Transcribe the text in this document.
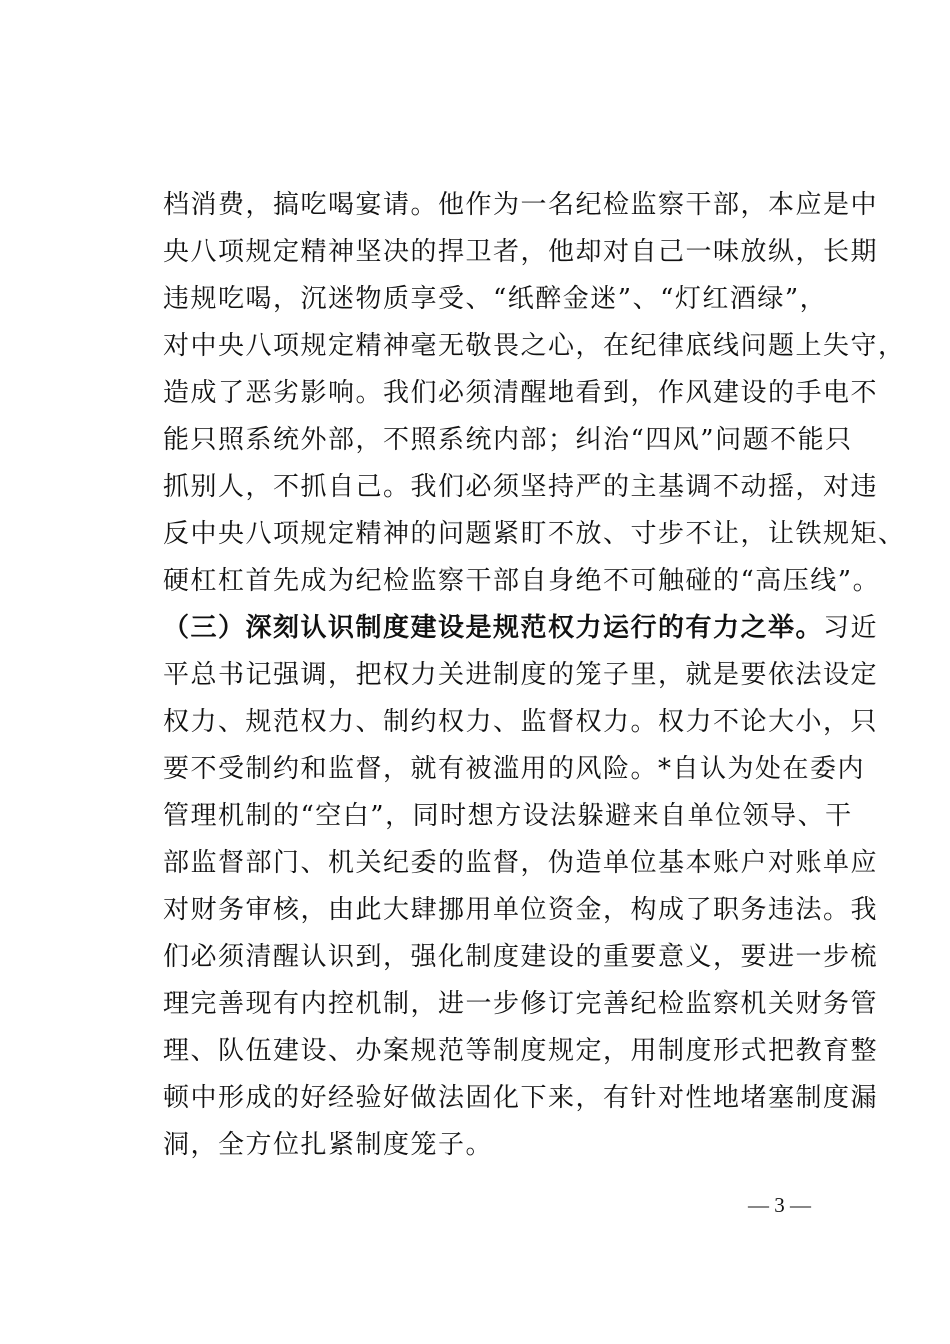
档消费，搞吃喝宴请。他作为一名纪检监察干部，本应是中
央八项规定精神坚决的捍卫者，他却对自己一味放纵，长期
违规吃喝，沉迷物质享受、“纸醉金迷”、“灯红酒绿”，
对中央八项规定精神毫无敬畏之心，在纪律底线问题上失守，
造成了恶劣影响。我们必须清醒地看到，作风建设的手电不
能只照系统外部，不照系统内部；纠治“四风”问题不能只
抓别人，不抓自己。我们必须坚持严的主基调不动摇，对违
反中央八项规定精神的问题紧盯不放、寸步不让，让铁规矩、
硬杠杠首先成为纪检监察干部自身绝不可触碰的“高压线”。
（三）深刻认识制度建设是规范权力运行的有力之举。习近
平总书记强调，把权力关进制度的笼子里，就是要依法设定
权力、规范权力、制约权力、监督权力。权力不论大小，只
要不受制约和监督，就有被滥用的风险。*自认为处在委内
管理机制的“空白”，同时想方设法躲避来自单位领导、干
部监督部门、机关纪委的监督，伪造单位基本账户对账单应
对财务审核，由此大肆挪用单位资金，构成了职务违法。我
们必须清醒认识到，强化制度建设的重要意义，要进一步梳
理完善现有内控机制，进一步修订完善纪检监察机关财务管
理、队伍建设、办案规范等制度规定，用制度形式把教育整
顿中形成的好经验好做法固化下来，有针对性地堵塞制度漏
洞，全方位扎紧制度笼子。
— 3 —
